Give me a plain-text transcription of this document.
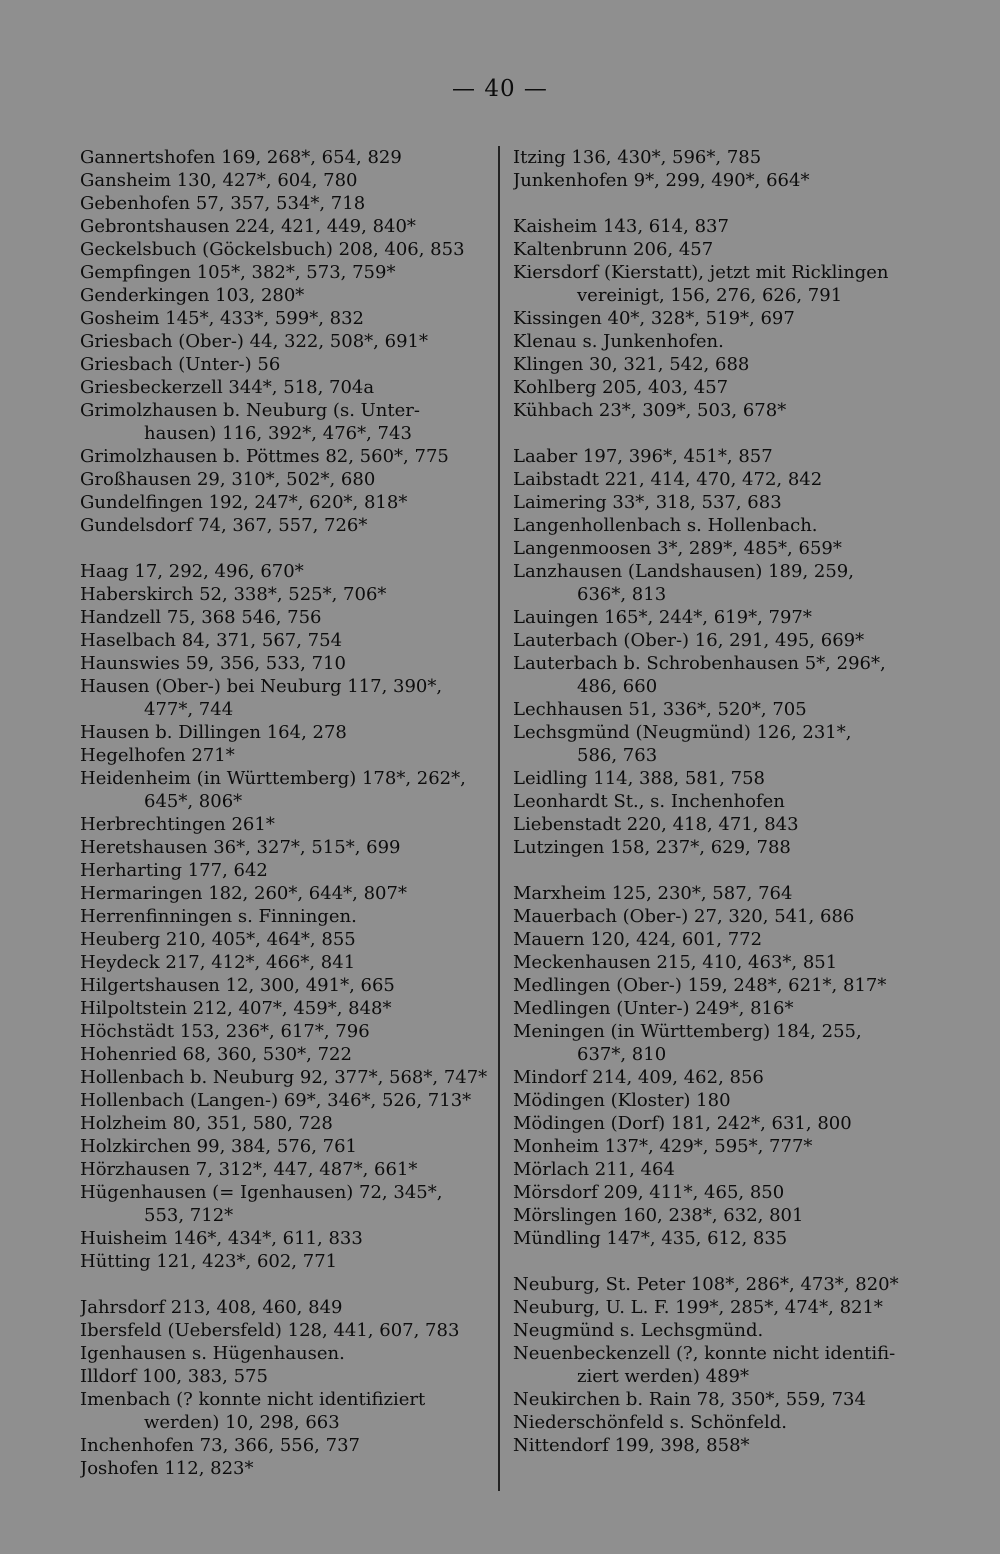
— 40 —
Gannertshofen 169, 268*, 654, 829
Gansheim 130, 427*, 604, 780
Gebenhofen 57, 357, 534*, 718
Gebrontshausen 224, 421, 449, 840*
Geckelsbuch (Göckelsbuch) 208, 406, 853
Gempfingen 105*, 382*, 573, 759*
Genderkingen 103, 280*
Gosheim 145*, 433*, 599*, 832
Griesbach (Ober-) 44, 322, 508*, 691*
Griesbach (Unter-) 56
Griesbeckerzell 344*, 518, 704a
Grimolzhausen b. Neuburg (s. Unter-
hausen) 116, 392*, 476*, 743
Grimolzhausen b. Pöttmes 82, 560*, 775
Großhausen 29, 310*, 502*, 680
Gundelfingen 192, 247*, 620*, 818*
Gundelsdorf 74, 367, 557, 726*
Haag 17, 292, 496, 670*
Haberskirch 52, 338*, 525*, 706*
Handzell 75, 368 546, 756
Haselbach 84, 371, 567, 754
Haunswies 59, 356, 533, 710
Hausen (Ober-) bei Neuburg 117, 390*,
477*, 744
Hausen b. Dillingen 164, 278
Hegelhofen 271*
Heidenheim (in Württemberg) 178*, 262*,
645*, 806*
Herbrechtingen 261*
Heretshausen 36*, 327*, 515*, 699
Herharting 177, 642
Hermaringen 182, 260*, 644*, 807*
Herrenfinningen s. Finningen.
Heuberg 210, 405*, 464*, 855
Heydeck 217, 412*, 466*, 841
Hilgertshausen 12, 300, 491*, 665
Hilpoltstein 212, 407*, 459*, 848*
Höchstädt 153, 236*, 617*, 796
Hohenried 68, 360, 530*, 722
Hollenbach b. Neuburg 92, 377*, 568*, 747*
Hollenbach (Langen-) 69*, 346*, 526, 713*
Holzheim 80, 351, 580, 728
Holzkirchen 99, 384, 576, 761
Hörzhausen 7, 312*, 447, 487*, 661*
Hügenhausen (= Igenhausen) 72, 345*,
553, 712*
Huisheim 146*, 434*, 611, 833
Hütting 121, 423*, 602, 771
Jahrsdorf 213, 408, 460, 849
Ibersfeld (Uebersfeld) 128, 441, 607, 783
Igenhausen s. Hügenhausen.
Illdorf 100, 383, 575
Imenbach (? konnte nicht identifiziert
werden) 10, 298, 663
Inchenhofen 73, 366, 556, 737
Joshofen 112, 823*
Itzing 136, 430*, 596*, 785
Junkenhofen 9*, 299, 490*, 664*
Kaisheim 143, 614, 837
Kaltenbrunn 206, 457
Kiersdorf (Kierstatt), jetzt mit Ricklingen
vereinigt, 156, 276, 626, 791
Kissingen 40*, 328*, 519*, 697
Klenau s. Junkenhofen.
Klingen 30, 321, 542, 688
Kohlberg 205, 403, 457
Kühbach 23*, 309*, 503, 678*
Laaber 197, 396*, 451*, 857
Laibstadt 221, 414, 470, 472, 842
Laimering 33*, 318, 537, 683
Langenhollenbach s. Hollenbach.
Langenmoosen 3*, 289*, 485*, 659*
Lanzhausen (Landshausen) 189, 259,
636*, 813
Lauingen 165*, 244*, 619*, 797*
Lauterbach (Ober-) 16, 291, 495, 669*
Lauterbach b. Schrobenhausen 5*, 296*,
486, 660
Lechhausen 51, 336*, 520*, 705
Lechsgmünd (Neugmünd) 126, 231*,
586, 763
Leidling 114, 388, 581, 758
Leonhardt St., s. Inchenhofen
Liebenstadt 220, 418, 471, 843
Lutzingen 158, 237*, 629, 788
Marxheim 125, 230*, 587, 764
Mauerbach (Ober-) 27, 320, 541, 686
Mauern 120, 424, 601, 772
Meckenhausen 215, 410, 463*, 851
Medlingen (Ober-) 159, 248*, 621*, 817*
Medlingen (Unter-) 249*, 816*
Meningen (in Württemberg) 184, 255,
637*, 810
Mindorf 214, 409, 462, 856
Mödingen (Kloster) 180
Mödingen (Dorf) 181, 242*, 631, 800
Monheim 137*, 429*, 595*, 777*
Mörlach 211, 464
Mörsdorf 209, 411*, 465, 850
Mörslingen 160, 238*, 632, 801
Mündling 147*, 435, 612, 835
Neuburg, St. Peter 108*, 286*, 473*, 820*
Neuburg, U. L. F. 199*, 285*, 474*, 821*
Neugmünd s. Lechsgmünd.
Neuenbeckenzell (?, konnte nicht identifi-
ziert werden) 489*
Neukirchen b. Rain 78, 350*, 559, 734
Niederschönfeld s. Schönfeld.
Nittendorf 199, 398, 858*
